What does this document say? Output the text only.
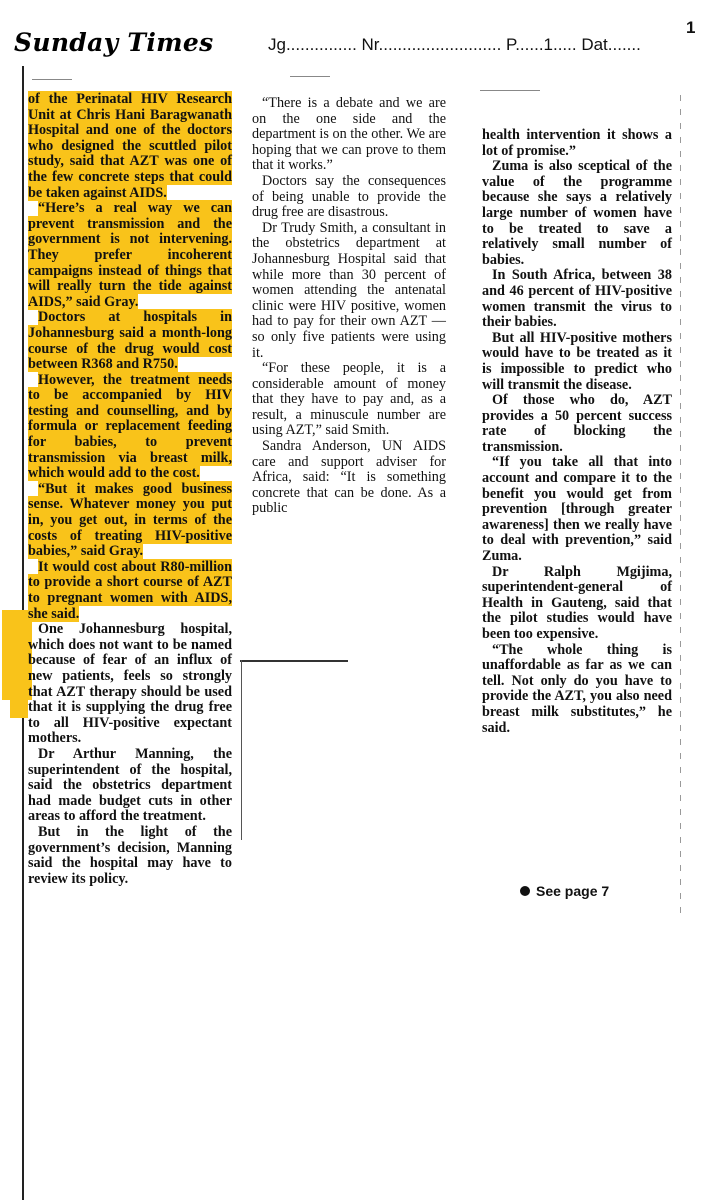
Sunday Times	Jg............... Nr.......................... P......1..... Dat.......
1

of the Perinatal HIV Research Unit at Chris Hani Baragwanath Hospital and one of the doctors who designed the scuttled pilot study, said that AZT was one of the few concrete steps that could be taken against AIDS.

“Here’s a real way we can prevent transmission and the government is not intervening. They prefer incoherent campaigns instead of things that will really turn the tide against AIDS,” said Gray.

Doctors at hospitals in Johannesburg said a month-long course of the drug would cost between R368 and R750.

However, the treatment needs to be accompanied by HIV testing and counselling, and by formula or replacement feeding for babies, to prevent transmission via breast milk, which would add to the cost.

“But it makes good business sense. Whatever money you put in, you get out, in terms of the costs of treating HIV-positive babies,” said Gray.

It would cost about R80-million to provide a short course of AZT to pregnant women with AIDS, she said.

One Johannesburg hospital, which does not want to be named because of fear of an influx of new patients, feels so strongly that AZT therapy should be used that it is supplying the drug free to all HIV-positive expectant mothers.

Dr Arthur Manning, the superintendent of the hospital, said the obstetrics department had made budget cuts in other areas to afford the treatment.

But in the light of the government’s decision, Manning said the hospital may have to review its policy.

“There is a debate and we are on the one side and the department is on the other. We are hoping that we can prove to them that it works.”

Doctors say the consequences of being unable to provide the drug free are disastrous.

Dr Trudy Smith, a consultant in the obstetrics department at Johannesburg Hospital said that while more than 30 percent of women attending the antenatal clinic were HIV positive, women had to pay for their own AZT — so only five patients were using it.

“For these people, it is a considerable amount of money that they have to pay and, as a result, a minuscule number are using AZT,” said Smith.

Sandra Anderson, UN AIDS care and support adviser for Africa, said: “It is something concrete that can be done. As a public

health intervention it shows a lot of promise.”

Zuma is also sceptical of the value of the programme because she says a relatively large number of women have to be treated to save a relatively small number of babies.

In South Africa, between 38 and 46 percent of HIV-positive women transmit the virus to their babies.

But all HIV-positive mothers would have to be treated as it is impossible to predict who will transmit the disease.

Of those who do, AZT provides a 50 percent success rate of blocking the transmission.

“If you take all that into account and compare it to the benefit you would get from prevention [through greater awareness] then we really have to deal with prevention,” said Zuma.

Dr Ralph Mgijima, superintendent-general of Health in Gauteng, said that the pilot studies would have been too expensive.

“The whole thing is unaffordable as far as we can tell. Not only do you have to provide the AZT, you also need breast milk substitutes,” he said.

See page 7
